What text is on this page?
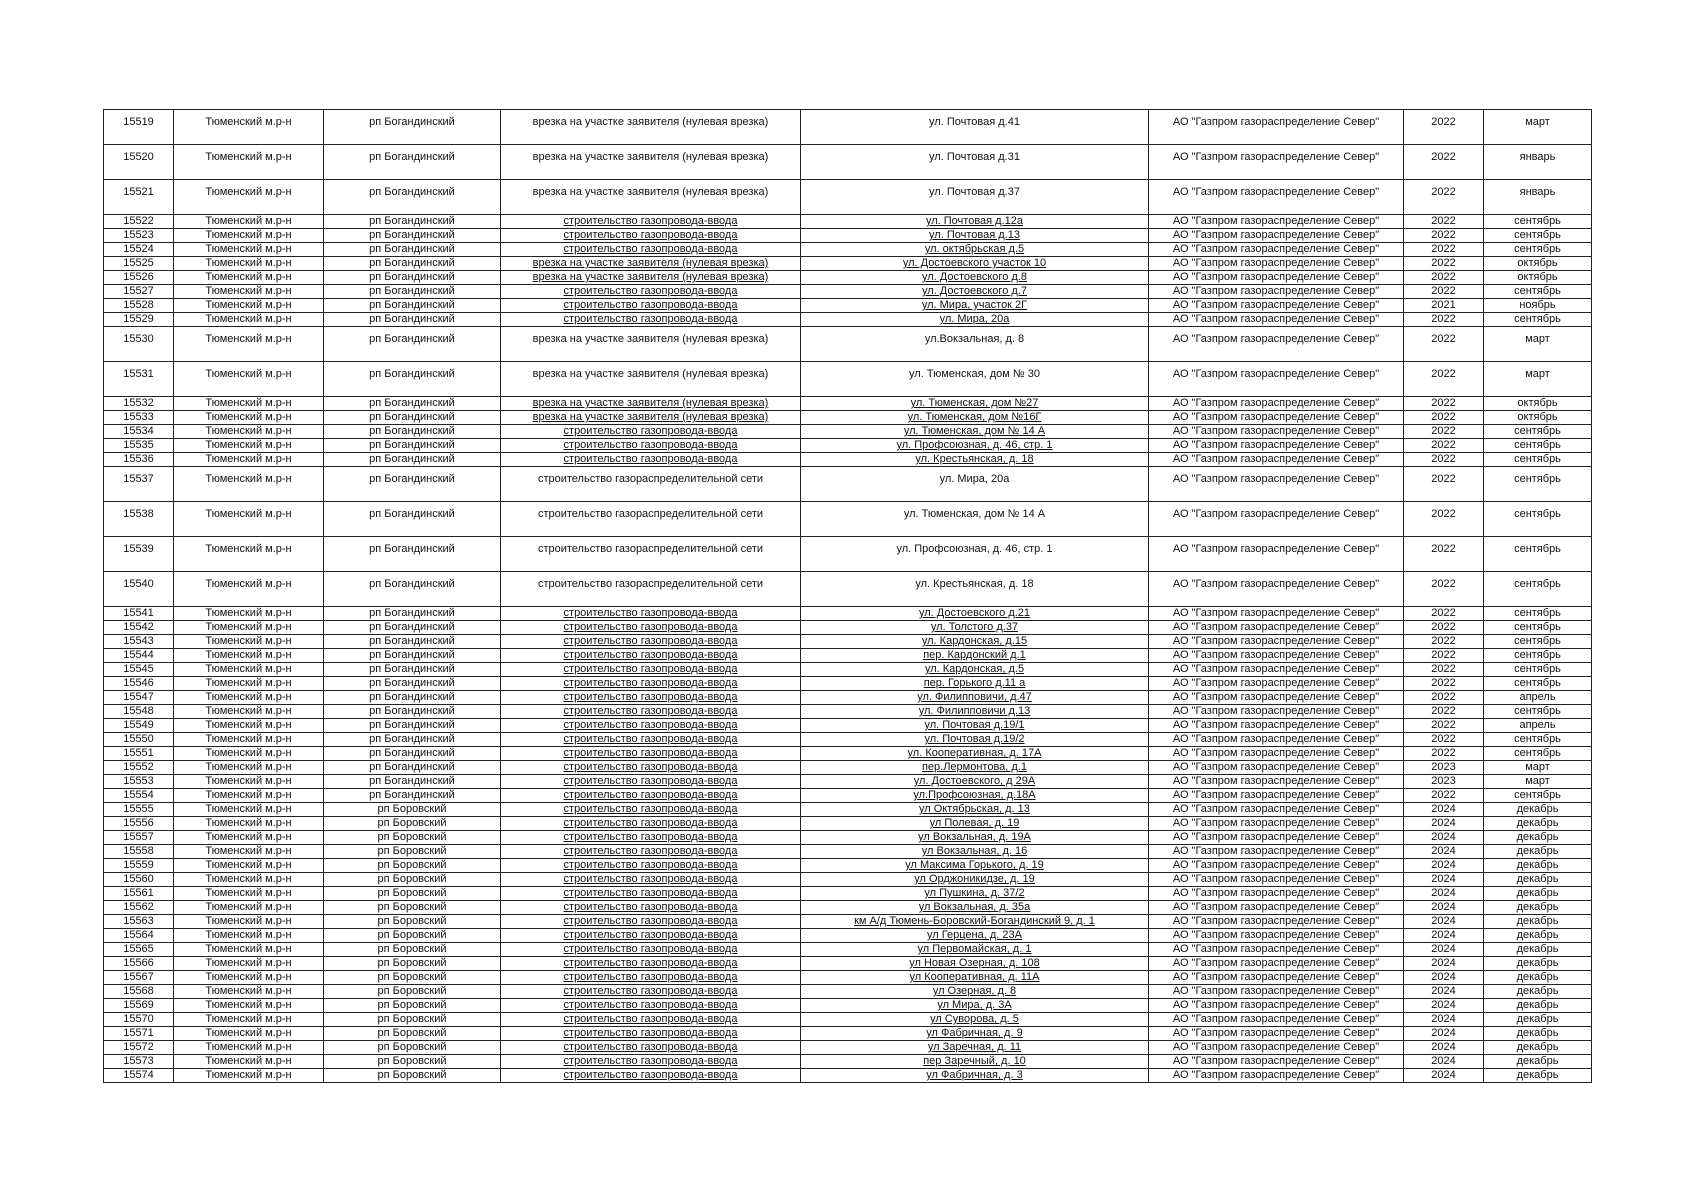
15519	Тюменский м.р-н	рп Богандинский	врезка на участке заявителя (нулевая врезка)	ул. Почтовая д.41	АО "Газпром газораспределение Север"	2022	март
15520	Тюменский м.р-н	рп Богандинский	врезка на участке заявителя (нулевая врезка)	ул. Почтовая д.31	АО "Газпром газораспределение Север"	2022	январь
15521	Тюменский м.р-н	рп Богандинский	врезка на участке заявителя (нулевая врезка)	ул. Почтовая д.37	АО "Газпром газораспределение Север"	2022	январь
15522	Тюменский м.р-н	рп Богандинский	строительство газопровода-ввода	ул. Почтовая д.12а	АО "Газпром газораспределение Север"	2022	сентябрь
15523	Тюменский м.р-н	рп Богандинский	строительство газопровода-ввода	ул. Почтовая д.13	АО "Газпром газораспределение Север"	2022	сентябрь
15524	Тюменский м.р-н	рп Богандинский	строительство газопровода-ввода	ул. октябрьская д.5	АО "Газпром газораспределение Север"	2022	сентябрь
15525	Тюменский м.р-н	рп Богандинский	врезка на участке заявителя (нулевая врезка)	ул. Достоевского участок 10	АО "Газпром газораспределение Север"	2022	октябрь
15526	Тюменский м.р-н	рп Богандинский	врезка на участке заявителя (нулевая врезка)	ул. Достоевского д.8	АО "Газпром газораспределение Север"	2022	октябрь
15527	Тюменский м.р-н	рп Богандинский	строительство газопровода-ввода	ул. Достоевского д.7	АО "Газпром газораспределение Север"	2022	сентябрь
15528	Тюменский м.р-н	рп Богандинский	строительство газопровода-ввода	ул. Мира, участок 2Г	АО "Газпром газораспределение Север"	2021	ноябрь
15529	Тюменский м.р-н	рп Богандинский	строительство газопровода-ввода	ул. Мира, 20а	АО "Газпром газораспределение Север"	2022	сентябрь
15530	Тюменский м.р-н	рп Богандинский	врезка на участке заявителя (нулевая врезка)	ул.Вокзальная, д. 8	АО "Газпром газораспределение Север"	2022	март
15531	Тюменский м.р-н	рп Богандинский	врезка на участке заявителя (нулевая врезка)	ул. Тюменская, дом № 30	АО "Газпром газораспределение Север"	2022	март
15532	Тюменский м.р-н	рп Богандинский	врезка на участке заявителя (нулевая врезка)	ул. Тюменская, дом №27	АО "Газпром газораспределение Север"	2022	октябрь
15533	Тюменский м.р-н	рп Богандинский	врезка на участке заявителя (нулевая врезка)	ул. Тюменская, дом №16Г	АО "Газпром газораспределение Север"	2022	октябрь
15534	Тюменский м.р-н	рп Богандинский	строительство газопровода-ввода	ул. Тюменская, дом № 14 А	АО "Газпром газораспределение Север"	2022	сентябрь
15535	Тюменский м.р-н	рп Богандинский	строительство газопровода-ввода	ул. Профсоюзная, д. 46, стр. 1	АО "Газпром газораспределение Север"	2022	сентябрь
15536	Тюменский м.р-н	рп Богандинский	строительство газопровода-ввода	ул. Крестьянская, д. 18	АО "Газпром газораспределение Север"	2022	сентябрь
15537	Тюменский м.р-н	рп Богандинский	строительство газораспределительной сети	ул. Мира, 20а	АО "Газпром газораспределение Север"	2022	сентябрь
15538	Тюменский м.р-н	рп Богандинский	строительство газораспределительной сети	ул. Тюменская, дом № 14 А	АО "Газпром газораспределение Север"	2022	сентябрь
15539	Тюменский м.р-н	рп Богандинский	строительство газораспределительной сети	ул. Профсоюзная, д. 46, стр. 1	АО "Газпром газораспределение Север"	2022	сентябрь
15540	Тюменский м.р-н	рп Богандинский	строительство газораспределительной сети	ул. Крестьянская, д. 18	АО "Газпром газораспределение Север"	2022	сентябрь
15541	Тюменский м.р-н	рп Богандинский	строительство газопровода-ввода	ул. Достоевского д.21	АО "Газпром газораспределение Север"	2022	сентябрь
15542	Тюменский м.р-н	рп Богандинский	строительство газопровода-ввода	ул. Толстого д.37	АО "Газпром газораспределение Север"	2022	сентябрь
15543	Тюменский м.р-н	рп Богандинский	строительство газопровода-ввода	ул. Кардонская, д.15	АО "Газпром газораспределение Север"	2022	сентябрь
15544	Тюменский м.р-н	рп Богандинский	строительство газопровода-ввода	пер. Кардонский д.1	АО "Газпром газораспределение Север"	2022	сентябрь
15545	Тюменский м.р-н	рп Богандинский	строительство газопровода-ввода	ул. Кардонская, д.5	АО "Газпром газораспределение Север"	2022	сентябрь
15546	Тюменский м.р-н	рп Богандинский	строительство газопровода-ввода	пер. Горького д.11 а	АО "Газпром газораспределение Север"	2022	сентябрь
15547	Тюменский м.р-н	рп Богандинский	строительство газопровода-ввода	ул. Филипповичи, д.47	АО "Газпром газораспределение Север"	2022	апрель
15548	Тюменский м.р-н	рп Богандинский	строительство газопровода-ввода	ул. Филипповичи д.13	АО "Газпром газораспределение Север"	2022	сентябрь
15549	Тюменский м.р-н	рп Богандинский	строительство газопровода-ввода	ул. Почтовая д.19/1	АО "Газпром газораспределение Север"	2022	апрель
15550	Тюменский м.р-н	рп Богандинский	строительство газопровода-ввода	ул. Почтовая д.19/2	АО "Газпром газораспределение Север"	2022	сентябрь
15551	Тюменский м.р-н	рп Богандинский	строительство газопровода-ввода	ул. Кооперативная, д. 17А	АО "Газпром газораспределение Север"	2022	сентябрь
15552	Тюменский м.р-н	рп Богандинский	строительство газопровода-ввода	пер.Лермонтова, д.1	АО "Газпром газораспределение Север"	2023	март
15553	Тюменский м.р-н	рп Богандинский	строительство газопровода-ввода	ул. Достоевского, д 29А	АО "Газпром газораспределение Север"	2023	март
15554	Тюменский м.р-н	рп Богандинский	строительство газопровода-ввода	ул.Профсоюзная, д.18А	АО "Газпром газораспределение Север"	2022	сентябрь
15555	Тюменский м.р-н	рп Боровский	строительство газопровода-ввода	ул Октябрьская, д. 13	АО "Газпром газораспределение Север"	2024	декабрь
15556	Тюменский м.р-н	рп Боровский	строительство газопровода-ввода	ул Полевая, д. 19	АО "Газпром газораспределение Север"	2024	декабрь
15557	Тюменский м.р-н	рп Боровский	строительство газопровода-ввода	ул Вокзальная, д. 19А	АО "Газпром газораспределение Север"	2024	декабрь
15558	Тюменский м.р-н	рп Боровский	строительство газопровода-ввода	ул Вокзальная, д. 16	АО "Газпром газораспределение Север"	2024	декабрь
15559	Тюменский м.р-н	рп Боровский	строительство газопровода-ввода	ул Максима Горького, д. 19	АО "Газпром газораспределение Север"	2024	декабрь
15560	Тюменский м.р-н	рп Боровский	строительство газопровода-ввода	ул Орджоникидзе, д. 19	АО "Газпром газораспределение Север"	2024	декабрь
15561	Тюменский м.р-н	рп Боровский	строительство газопровода-ввода	ул Пушкина, д. 37/2	АО "Газпром газораспределение Север"	2024	декабрь
15562	Тюменский м.р-н	рп Боровский	строительство газопровода-ввода	ул Вокзальная, д. 35а	АО "Газпром газораспределение Север"	2024	декабрь
15563	Тюменский м.р-н	рп Боровский	строительство газопровода-ввода	км А/д Тюмень-Боровский-Богандинский 9, д. 1	АО "Газпром газораспределение Север"	2024	декабрь
15564	Тюменский м.р-н	рп Боровский	строительство газопровода-ввода	ул Герцена, д. 23А	АО "Газпром газораспределение Север"	2024	декабрь
15565	Тюменский м.р-н	рп Боровский	строительство газопровода-ввода	ул Первомайская, д. 1	АО "Газпром газораспределение Север"	2024	декабрь
15566	Тюменский м.р-н	рп Боровский	строительство газопровода-ввода	ул Новая Озерная, д. 108	АО "Газпром газораспределение Север"	2024	декабрь
15567	Тюменский м.р-н	рп Боровский	строительство газопровода-ввода	ул Кооперативная, д. 11А	АО "Газпром газораспределение Север"	2024	декабрь
15568	Тюменский м.р-н	рп Боровский	строительство газопровода-ввода	ул Озерная, д. 8	АО "Газпром газораспределение Север"	2024	декабрь
15569	Тюменский м.р-н	рп Боровский	строительство газопровода-ввода	ул Мира, д. 3А	АО "Газпром газораспределение Север"	2024	декабрь
15570	Тюменский м.р-н	рп Боровский	строительство газопровода-ввода	ул Суворова, д. 5	АО "Газпром газораспределение Север"	2024	декабрь
15571	Тюменский м.р-н	рп Боровский	строительство газопровода-ввода	ул Фабричная, д. 9	АО "Газпром газораспределение Север"	2024	декабрь
15572	Тюменский м.р-н	рп Боровский	строительство газопровода-ввода	ул Заречная, д. 11	АО "Газпром газораспределение Север"	2024	декабрь
15573	Тюменский м.р-н	рп Боровский	строительство газопровода-ввода	пер Заречный, д. 10	АО "Газпром газораспределение Север"	2024	декабрь
15574	Тюменский м.р-н	рп Боровский	строительство газопровода-ввода	ул Фабричная, д. 3	АО "Газпром газораспределение Север"	2024	декабрь
